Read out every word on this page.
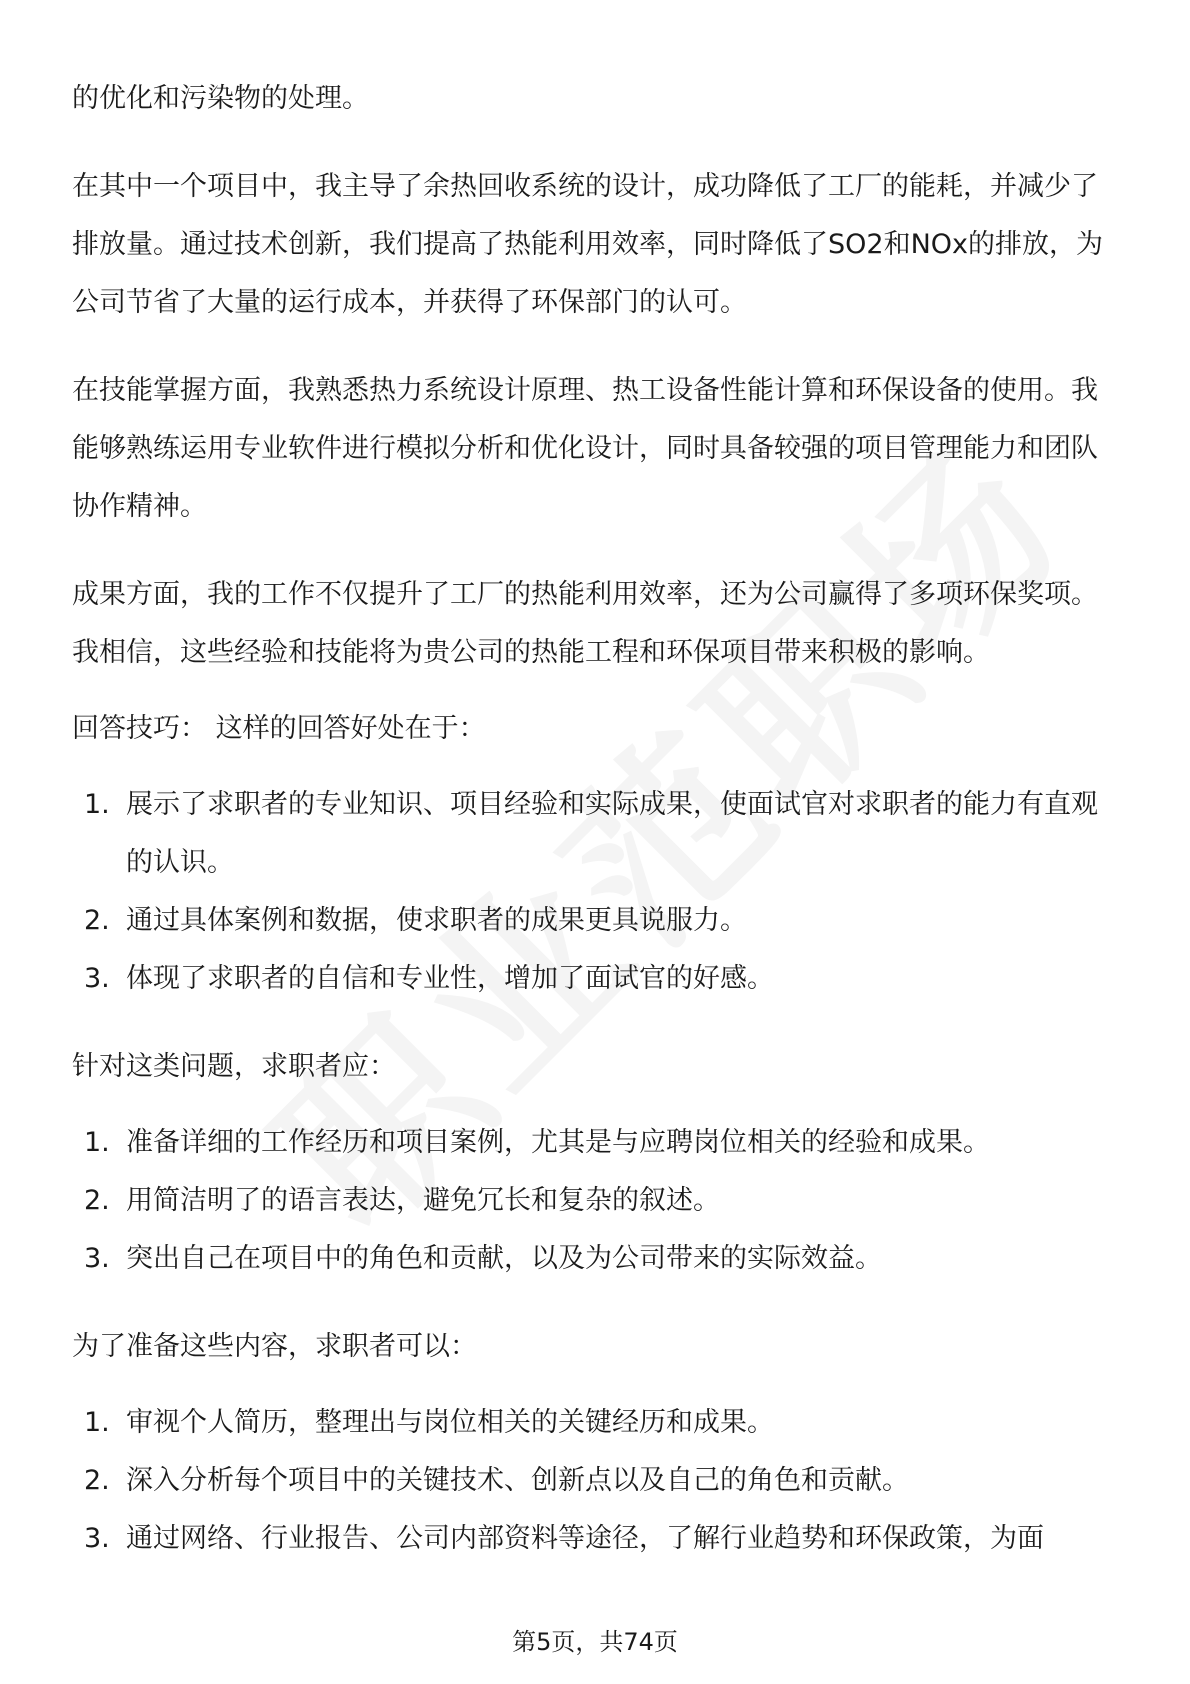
的优化和污染物的处理。

在其中一个项目中，我主导了余热回收系统的设计，成功降低了工厂的能耗，并减少了排放量。通过技术创新，我们提高了热能利用效率，同时降低了SO2和NOx的排放，为公司节省了大量的运行成本，并获得了环保部门的认可。

在技能掌握方面，我熟悉热力系统设计原理、热工设备性能计算和环保设备的使用。我能够熟练运用专业软件进行模拟分析和优化设计，同时具备较强的项目管理能力和团队协作精神。

成果方面，我的工作不仅提升了工厂的热能利用效率，还为公司赢得了多项环保奖项。我相信，这些经验和技能将为贵公司的热能工程和环保项目带来积极的影响。

回答技巧： 这样的回答好处在于：

1. 展示了求职者的专业知识、项目经验和实际成果，使面试官对求职者的能力有直观的认识。
2. 通过具体案例和数据，使求职者的成果更具说服力。
3. 体现了求职者的自信和专业性，增加了面试官的好感。

针对这类问题，求职者应：

1. 准备详细的工作经历和项目案例，尤其是与应聘岗位相关的经验和成果。
2. 用简洁明了的语言表达，避免冗长和复杂的叙述。
3. 突出自己在项目中的角色和贡献，以及为公司带来的实际效益。

为了准备这些内容，求职者可以：

1. 审视个人简历，整理出与岗位相关的关键经历和成果。
2. 深入分析每个项目中的关键技术、创新点以及自己的角色和贡献。
3. 通过网络、行业报告、公司内部资料等途径，了解行业趋势和环保政策，为面
第5页，共74页
